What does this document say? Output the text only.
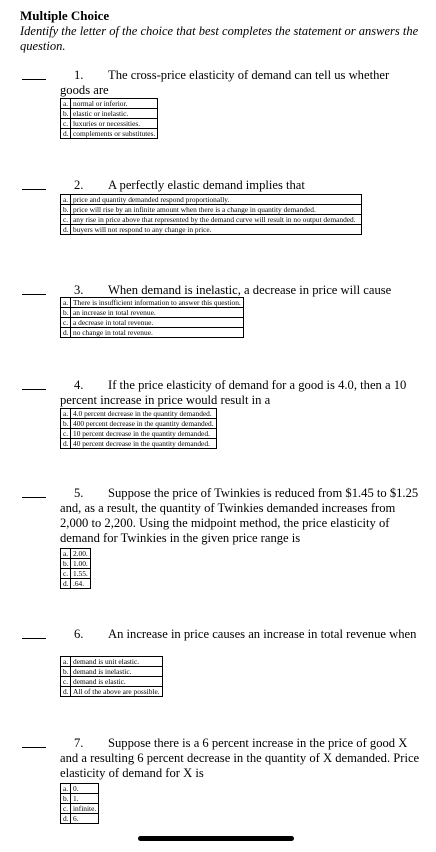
Multiple Choice
Identify the letter of the choice that best completes the statement or answers the question.
1. The cross-price elasticity of demand can tell us whether goods are
a.	normal or inferior.
b.	elastic or inelastic.
c.	luxuries or necessities.
d.	complements or substitutes.
2. A perfectly elastic demand implies that
a.	price and quantity demanded respond proportionally.
b.	price will rise by an infinite amount when there is a change in quantity demanded.
c.	any rise in price above that represented by the demand curve will result in no output demanded.
d.	buyers will not respond to any change in price.
3. When demand is inelastic, a decrease in price will cause
a.	There is insufficient information to answer this question.
b.	an increase in total revenue.
c.	a decrease in total revenue.
d.	no change in total revenue.
4. If the price elasticity of demand for a good is 4.0, then a 10 percent increase in price would result in a
a.	4.0 percent decrease in the quantity demanded.
b.	400 percent decrease in the quantity demanded.
c.	10 percent decrease in the quantity demanded.
d.	40 percent decrease in the quantity demanded.
5. Suppose the price of Twinkies is reduced from $1.45 to $1.25 and, as a result, the quantity of Twinkies demanded increases from 2,000 to 2,200. Using the midpoint method, the price elasticity of demand for Twinkies in the given price range is
a.	2.00.
b.	1.00.
c.	1.55.
d.	.64.
6. An increase in price causes an increase in total revenue when
a.	demand is unit elastic.
b.	demand is inelastic.
c.	demand is elastic.
d.	All of the above are possible.
7. Suppose there is a 6 percent increase in the price of good X and a resulting 6 percent decrease in the quantity of X demanded. Price elasticity of demand for X is
a.	0.
b.	1.
c.	infinite.
d.	6.
